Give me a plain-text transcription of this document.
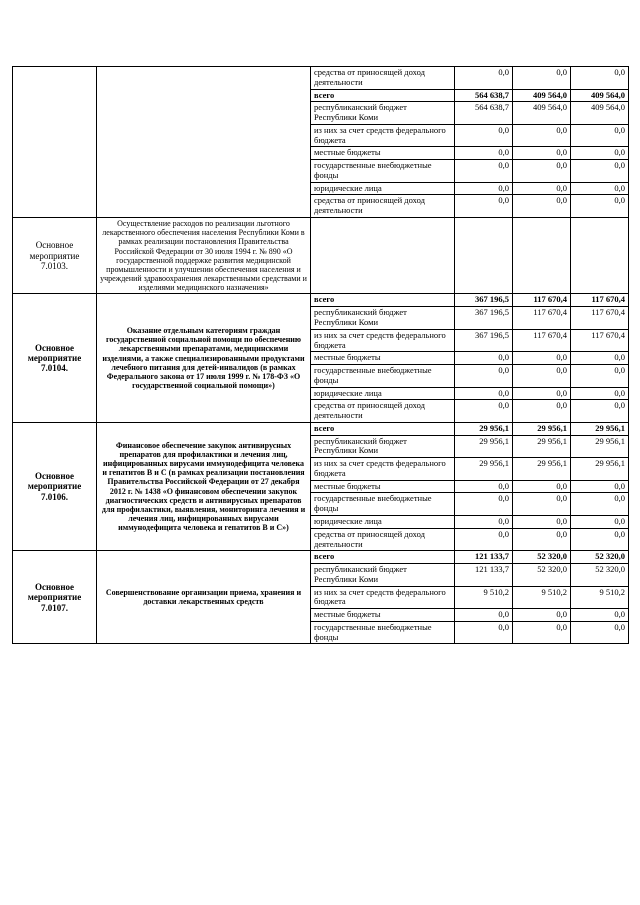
		средства от приносящей доход деятельности	0,0	0,0	0,0
		всего	564 638,7	409 564,0	409 564,0
		республиканский бюджет Республики Коми	564 638,7	409 564,0	409 564,0
		из них за счет средств федерального бюджета	0,0	0,0	0,0
		местные бюджеты	0,0	0,0	0,0
		государственные внебюджетные фонды	0,0	0,0	0,0
		юридические лица	0,0	0,0	0,0
		средства от приносящей доход деятельности	0,0	0,0	0,0
Основное мероприятие 7.0103.	Осуществление расходов по реализации льготного лекарственного обеспечения населения Республики Коми в рамках реализации постановления Правительства Российской Федерации от 30 июля 1994 г. № 890 «О государственной поддержке развития медицинской промышленности и улучшении обеспечения населения и учреждений здравоохранения лекарственными средствами и изделиями медицинского назначения»				
Основное мероприятие 7.0104.	Оказание отдельным категориям граждан государственной социальной помощи по обеспечению лекарственными препаратами, медицинскими изделиями, а также специализированными продуктами лечебного питания для детей-инвалидов (в рамках Федерального закона от 17 июля 1999 г. № 178-ФЗ «О государственной социальной помощи»)	всего	367 196,5	117 670,4	117 670,4
		республиканский бюджет Республики Коми	367 196,5	117 670,4	117 670,4
		из них за счет средств федерального бюджета	367 196,5	117 670,4	117 670,4
		местные бюджеты	0,0	0,0	0,0
		государственные внебюджетные фонды	0,0	0,0	0,0
		юридические лица	0,0	0,0	0,0
		средства от приносящей доход деятельности	0,0	0,0	0,0
Основное мероприятие 7.0106.	Финансовое обеспечение закупок антивирусных препаратов для профилактики и лечения лиц, инфицированных вирусами иммунодефицита человека и гепатитов В и С (в рамках реализации постановления Правительства Российской Федерации от 27 декабря 2012 г. № 1438 «О финансовом обеспечении закупок диагностических средств и антивирусных препаратов для профилактики, выявления, мониторинга лечения и лечения лиц, инфицированных вирусами иммунодефицита человека и гепатитов В и С»)	всего	29 956,1	29 956,1	29 956,1
		республиканский бюджет Республики Коми	29 956,1	29 956,1	29 956,1
		из них за счет средств федерального бюджета	29 956,1	29 956,1	29 956,1
		местные бюджеты	0,0	0,0	0,0
		государственные внебюджетные фонды	0,0	0,0	0,0
		юридические лица	0,0	0,0	0,0
		средства от приносящей доход деятельности	0,0	0,0	0,0
Основное мероприятие 7.0107.	Совершенствование организации приема, хранения и доставки лекарственных средств	всего	121 133,7	52 320,0	52 320,0
		республиканский бюджет Республики Коми	121 133,7	52 320,0	52 320,0
		из них за счет средств федерального бюджета	9 510,2	9 510,2	9 510,2
		местные бюджеты	0,0	0,0	0,0
		государственные внебюджетные фонды	0,0	0,0	0,0
